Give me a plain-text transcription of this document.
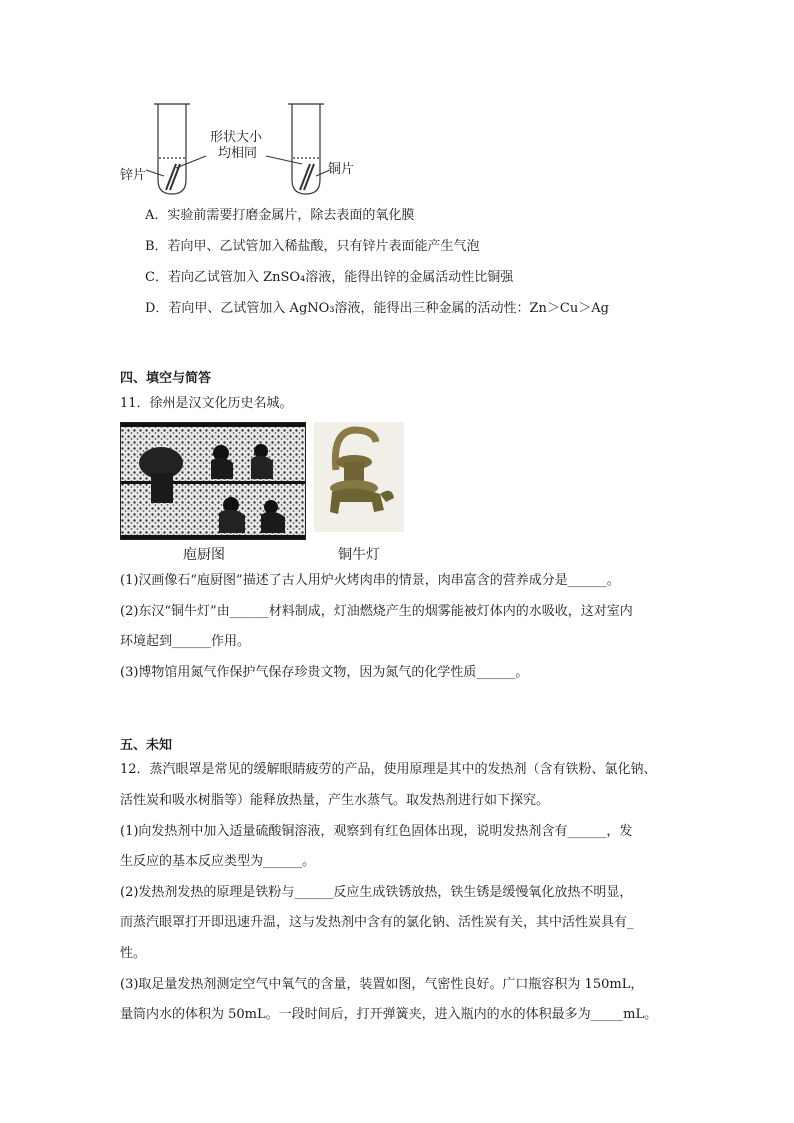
形状大小
均相同
锌片	铜片
A．实验前需要打磨金属片，除去表面的氧化膜
B．若向甲、乙试管加入稀盐酸，只有锌片表面能产生气泡
C．若向乙试管加入 ZnSO₄溶液，能得出锌的金属活动性比铜强
D．若向甲、乙试管加入 AgNO₃溶液，能得出三种金属的活动性：Zn＞Cu＞Ag
四、填空与简答
11．徐州是汉文化历史名城。
庖厨图	铜牛灯
(1)汉画像石“庖厨图”描述了古人用炉火烤肉串的情景，肉串富含的营养成分是______。
(2)东汉“铜牛灯”由______材料制成，灯油燃烧产生的烟雾能被灯体内的水吸收，这对室内
环境起到______作用。
(3)博物馆用氮气作保护气保存珍贵文物，因为氮气的化学性质______。
五、未知
12．蒸汽眼罩是常见的缓解眼睛疲劳的产品，使用原理是其中的发热剂（含有铁粉、氯化钠、
活性炭和吸水树脂等）能释放热量，产生水蒸气。取发热剂进行如下探究。
(1)向发热剂中加入适量硫酸铜溶液，观察到有红色固体出现，说明发热剂含有______，发
生反应的基本反应类型为______。
(2)发热剂发热的原理是铁粉与______反应生成铁锈放热，铁生锈是缓慢氧化放热不明显，
而蒸汽眼罩打开即迅速升温，这与发热剂中含有的氯化钠、活性炭有关，其中活性炭具有_
性。
(3)取足量发热剂测定空气中氧气的含量，装置如图，气密性良好。广口瓶容积为 150mL，
量筒内水的体积为 50mL。一段时间后，打开弹簧夹，进入瓶内的水的体积最多为_____mL。
